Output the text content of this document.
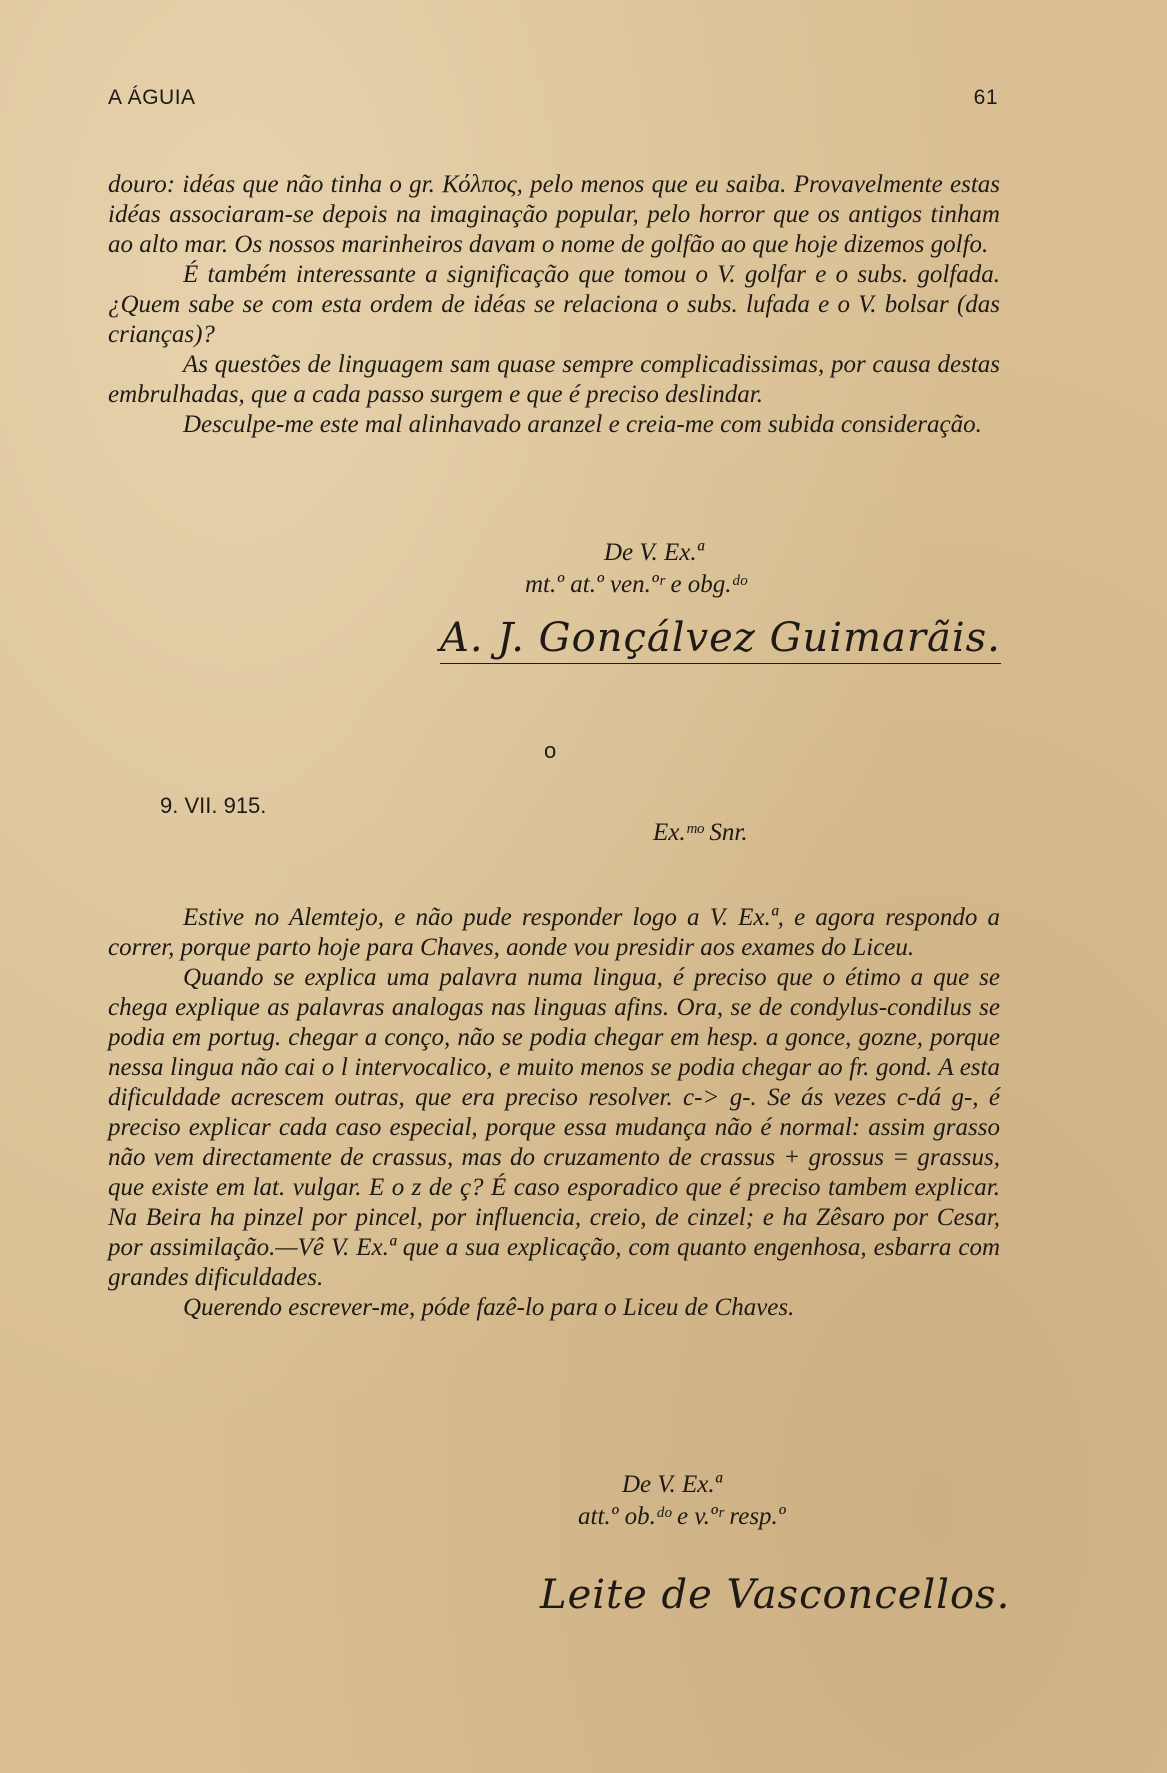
A ÁGUIA	61

douro: idéas que não tinha o gr. Κόλπος, pelo menos que eu saiba. Provavelmente estas idéas associaram-se depois na imaginação popular, pelo horror que os antigos tinham ao alto mar. Os nossos marinheiros davam o nome de golfão ao que hoje dizemos golfo.

É também interessante a significação que tomou o V. golfar e o subs. golfada. ¿Quem sabe se com esta ordem de idéas se relaciona o subs. lufada e o V. bolsar (das crianças)?

As questões de linguagem sam quase sempre complicadissimas, por causa destas embrulhadas, que a cada passo surgem e que é preciso deslindar.

Desculpe-me este mal alinhavado aranzel e creia-me com subida consideração.

De V. Ex.ª
mt.º at.º ven.ºʳ e obg.ᵈᵒ
A. J. Gonçálvez Guimarãis.
o
9. VII. 915.
Ex.ᵐᵒ Snr.

Estive no Alemtejo, e não pude responder logo a V. Ex.ª, e agora respondo a correr, porque parto hoje para Chaves, aonde vou presidir aos exames do Liceu.

Quando se explica uma palavra numa lingua, é preciso que o étimo a que se chega explique as palavras analogas nas linguas afins. Ora, se de condylus-condilus se podia em portug. chegar a conço, não se podia chegar em hesp. a gonce, gozne, porque nessa lingua não cai o l intervocalico, e muito menos se podia chegar ao fr. gond. A esta dificuldade acrescem outras, que era preciso resolver. c-> g-. Se ás vezes c-dá g-, é preciso explicar cada caso especial, porque essa mudança não é normal: assim grasso não vem directamente de crassus, mas do cruzamento de crassus + grossus = grassus, que existe em lat. vulgar. E o z de ç? É caso esporadico que é preciso tambem explicar. Na Beira ha pinzel por pincel, por influencia, creio, de cinzel; e ha Zêsaro por Cesar, por assimilação.—Vê V. Ex.ª que a sua explicação, com quanto engenhosa, esbarra com grandes dificuldades.

Querendo escrever-me, póde fazê-lo para o Liceu de Chaves.

De V. Ex.ª
att.º ob.ᵈᵒ e v.ºʳ resp.º
Leite de Vasconcellos.
